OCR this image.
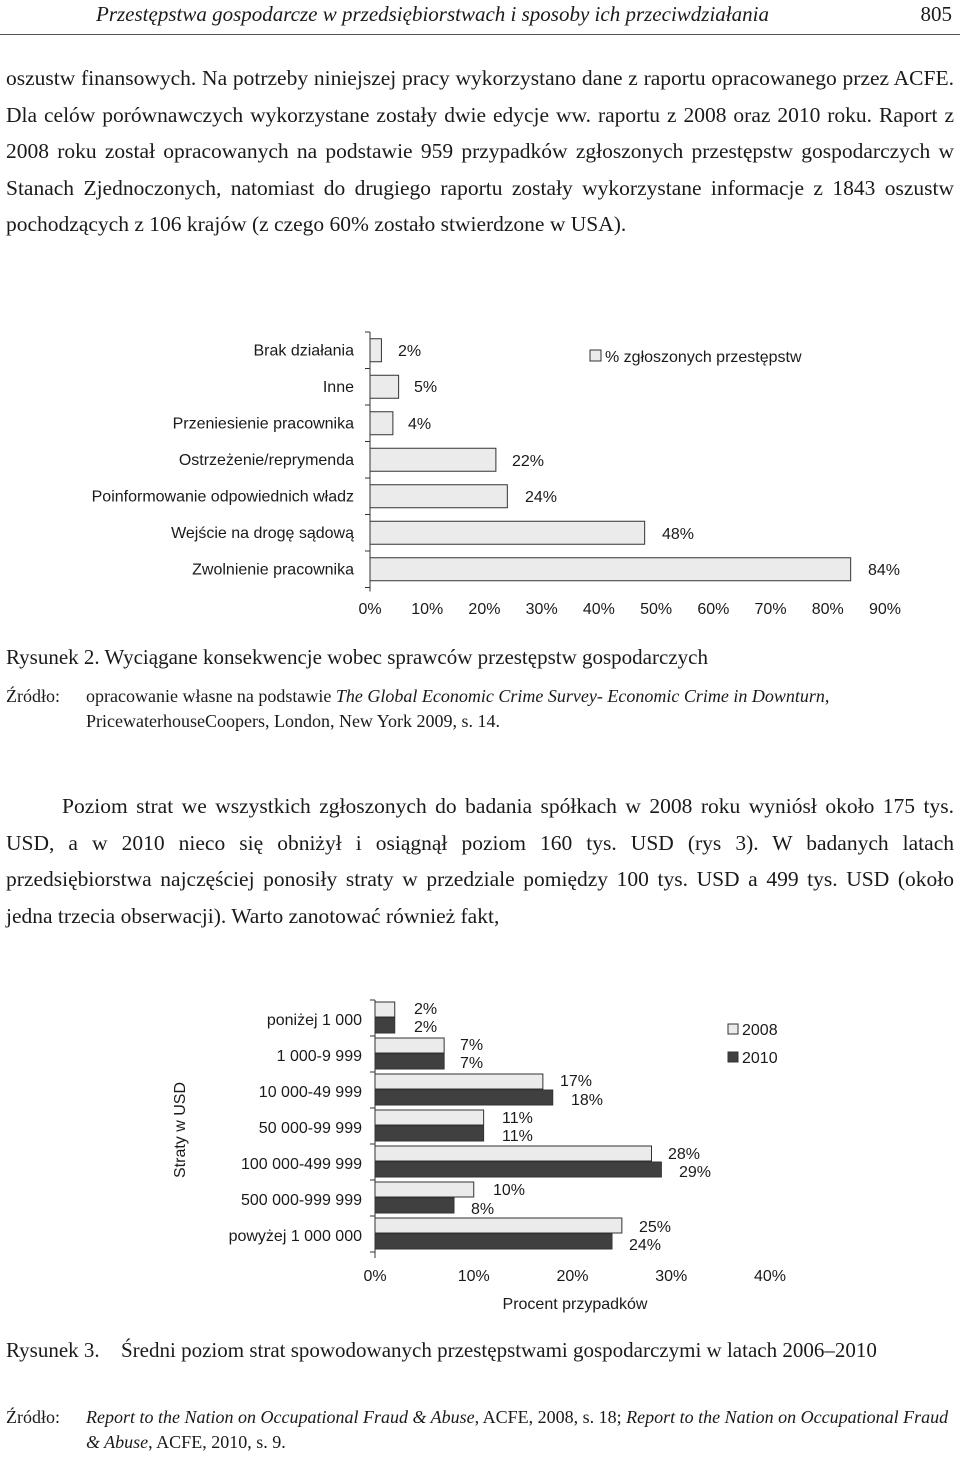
Przestępstwa gospodarcze w przedsiębiorstwach i sposoby ich przeciwdziałania	805

oszustw finansowych. Na potrzeby niniejszej pracy wykorzystano dane z raportu opracowanego przez ACFE. Dla celów porównawczych wykorzystane zostały dwie edycje ww. raportu z 2008 oraz 2010 roku. Raport z 2008 roku został opracowanych na podstawie 959 przypadków zgłoszonych przestępstw gospodarczych w Stanach Zjednoczonych, natomiast do drugiego raportu zostały wykorzystane informacje z 1843 oszustw pochodzących z 106 krajów (z czego 60% zostało stwierdzone w USA).

Brak działania
Inne
Przeniesienie pracownika
Ostrzeżenie/reprymenda
Poinformowanie odpowiednich władz
Wejście na drogę sądową
Zwolnienie pracownika
2%
5%
4%
22%
24%
48%
84%
0% 10% 20% 30% 40% 50% 60% 70% 80% 90%
% zgłoszonych przestępstw

Rysunek 2. Wyciągane konsekwencje wobec sprawców przestępstw gospodarczych

Źródło: opracowanie własne na podstawie The Global Economic Crime Survey- Economic Crime in Downturn, PricewaterhouseCoopers, London, New York 2009, s. 14.

Poziom strat we wszystkich zgłoszonych do badania spółkach w 2008 roku wyniósł około 175 tys. USD, a w 2010 nieco się obniżył i osiągnął poziom 160 tys. USD (rys 3). W badanych latach przedsiębiorstwa najczęściej ponosiły straty w przedziale pomiędzy 100 tys. USD a 499 tys. USD (około jedna trzecia obserwacji). Warto zanotować również fakt,

poniżej 1 000
1 000-9 999
10 000-49 999
50 000-99 999
100 000-499 999
500 000-999 999
powyżej 1 000 000
2%
7%
17%
11%
28%
10%
25%
2%
7%
18%
11%
29%
8%
24%
0%	10%	20%	30%	40%
Procent przypadków
Straty w USD
2008
2010
Rysunek 3. Średni poziom strat spowodowanych przestępstwami gospodarczymi w latach 2006–2010
Źródło: Report to the Nation on Occupational Fraud & Abuse, ACFE, 2008, s. 18; Report to the Nation on Occupational Fraud & Abuse, ACFE, 2010, s. 9.
